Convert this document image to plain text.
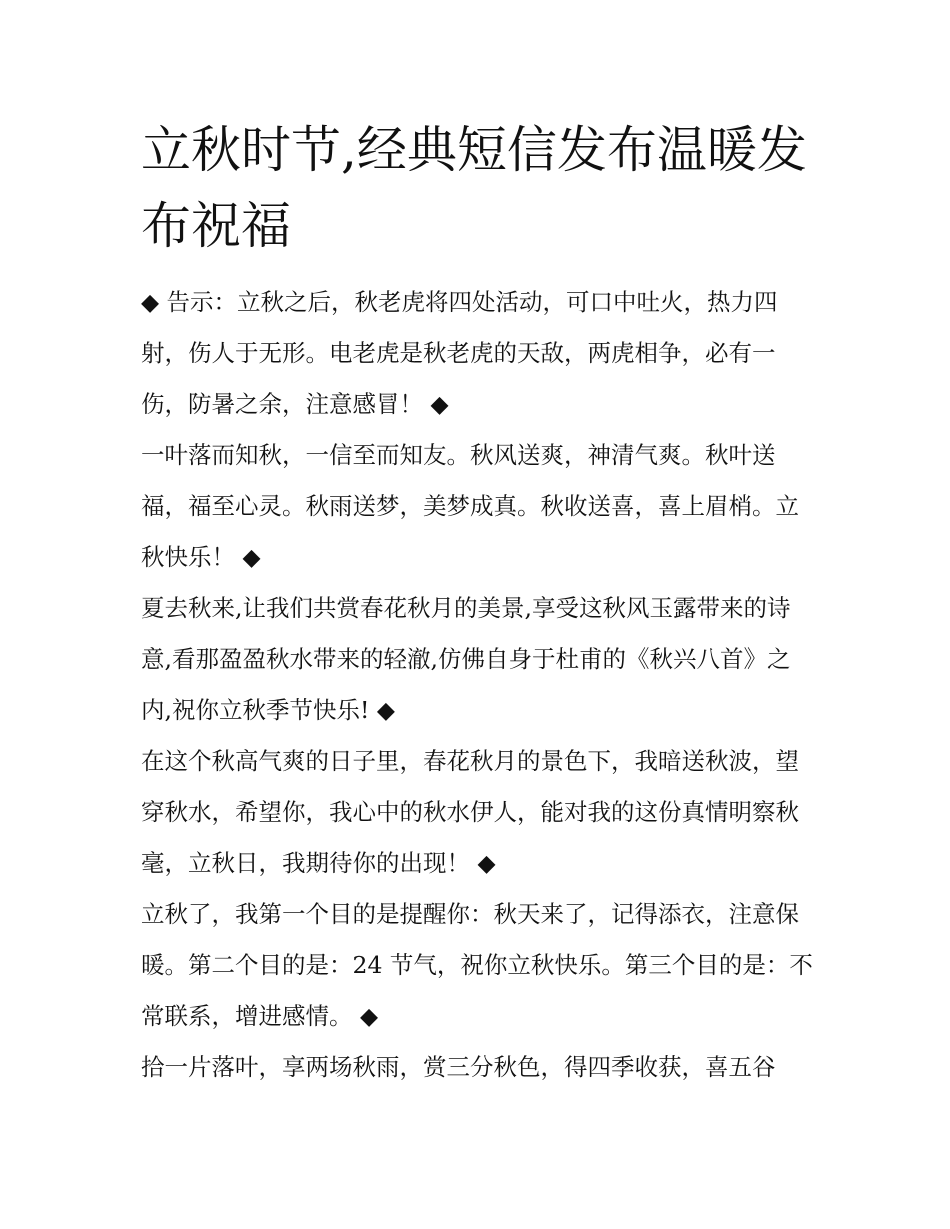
立秋时节,经典短信发布温暖发布祝福

◆ 告示：立秋之后，秋老虎将四处活动，可口中吐火，热力四射，伤人于无形。电老虎是秋老虎的天敌，两虎相争，必有一伤，防暑之余，注意感冒！ ◆

一叶落而知秋，一信至而知友。秋风送爽，神清气爽。秋叶送福，福至心灵。秋雨送梦，美梦成真。秋收送喜，喜上眉梢。立秋快乐！ ◆

夏去秋来,让我们共赏春花秋月的美景,享受这秋风玉露带来的诗意,看那盈盈秋水带来的轻澈,仿佛自身于杜甫的《秋兴八首》之内,祝你立秋季节快乐! ◆

在这个秋高气爽的日子里，春花秋月的景色下，我暗送秋波，望穿秋水，希望你，我心中的秋水伊人，能对我的这份真情明察秋毫，立秋日，我期待你的出现！ ◆

立秋了，我第一个目的是提醒你：秋天来了，记得添衣，注意保暖。第二个目的是：24 节气，祝你立秋快乐。第三个目的是：不常联系，增进感情。 ◆

拾一片落叶，享两场秋雨，赏三分秋色，得四季收获，喜五谷
